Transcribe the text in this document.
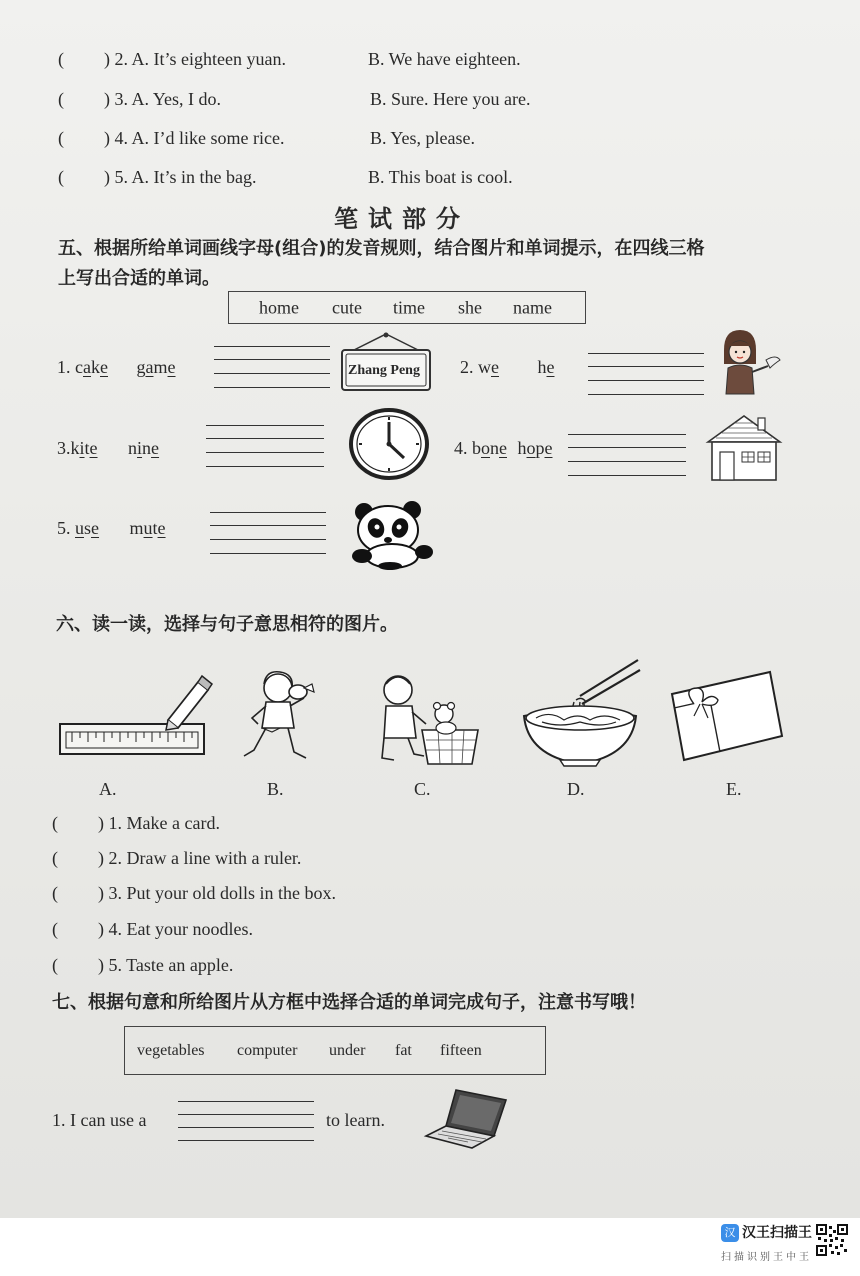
( ) 2. A. It’s eighteen yuan.	B. We have eighteen.
( ) 3. A. Yes, I do.	B. Sure. Here you are.
( ) 4. A. I’d like some rice.	B. Yes, please.
( ) 5. A. It’s in the bag.	B. This boat is cool.
笔试部分
五、根据所给单词画线字母(组合)的发音规则，结合图片和单词提示，在四线三格
上写出合适的单词。
home cute time she name
1. cake game	Zhang Peng 2. we he
3.kite nine	4. bone hope
5. use mute
六、读一读，选择与句子意思相符的图片。
A.	B.	C.	D.	E.
( ) 1. Make a card.
( ) 2. Draw a line with a ruler.
( ) 3. Put your old dolls in the box.
( ) 4. Eat your noodles.
( ) 5. Taste an apple.
七、根据句意和所给图片从方框中选择合适的单词完成句子，注意书写哦！
vegetables computer under fat fifteen
1. I can use a	to learn.
汉 汉王扫描王
扫描识别王中王
